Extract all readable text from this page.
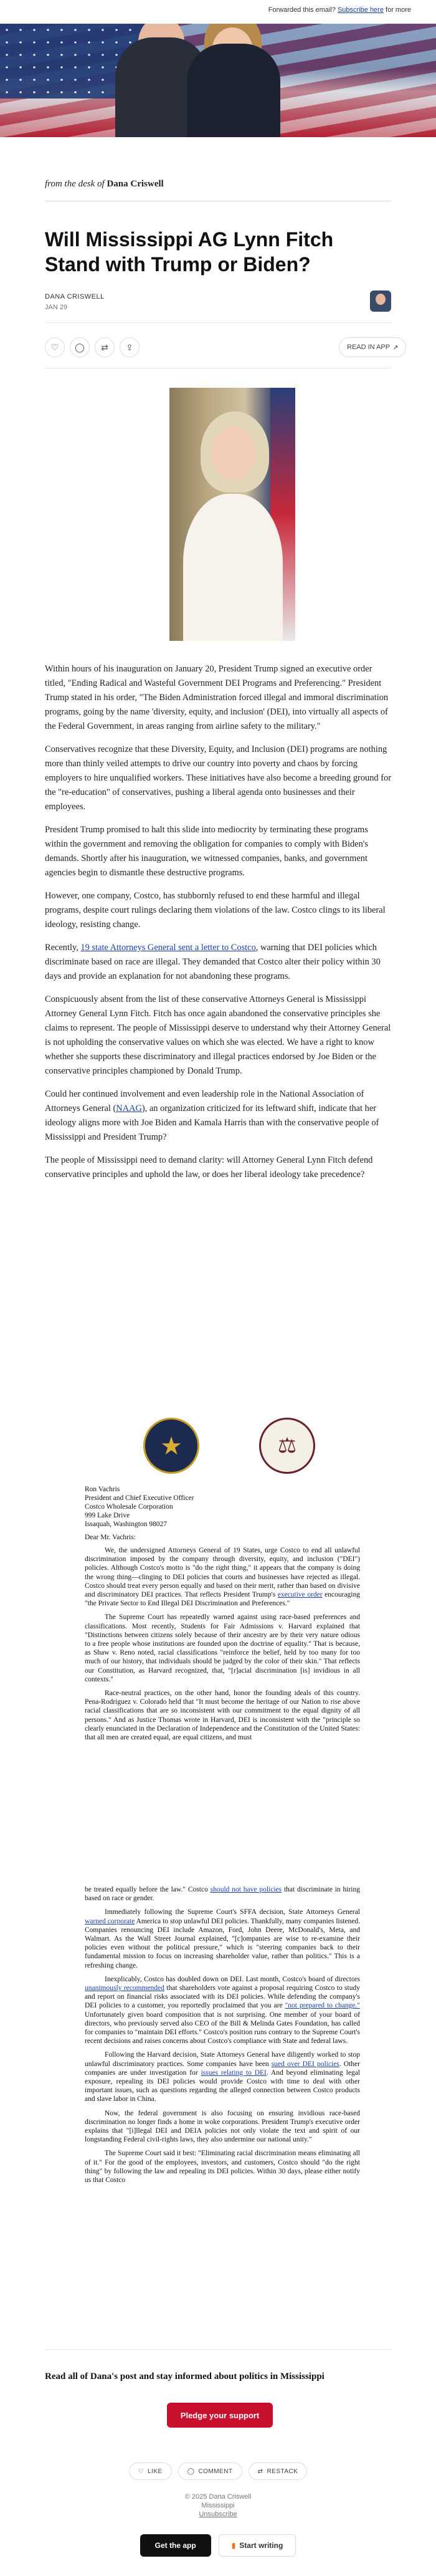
Forwarded this email? Subscribe here for more
from the desk of Dana Criswell
Will Mississippi AG Lynn Fitch Stand with Trump or Biden?
DANA CRISWELL
JAN 29
♡	◯	⇄	⇪	READ IN APP ↗

Within hours of his inauguration on January 20, President Trump signed an executive order titled, "Ending Radical and Wasteful Government DEI Programs and Preferencing." President Trump stated in his order, "The Biden Administration forced illegal and immoral discrimination programs, going by the name 'diversity, equity, and inclusion' (DEI), into virtually all aspects of the Federal Government, in areas ranging from airline safety to the military."

Conservatives recognize that these Diversity, Equity, and Inclusion (DEI) programs are nothing more than thinly veiled attempts to drive our country into poverty and chaos by forcing employers to hire unqualified workers. These initiatives have also become a breeding ground for the "re-education" of conservatives, pushing a liberal agenda onto businesses and their employees.

President Trump promised to halt this slide into mediocrity by terminating these programs within the government and removing the obligation for companies to comply with Biden's demands. Shortly after his inauguration, we witnessed companies, banks, and government agencies begin to dismantle these destructive programs.

However, one company, Costco, has stubbornly refused to end these harmful and illegal programs, despite court rulings declaring them violations of the law. Costco clings to its liberal ideology, resisting change.

Recently, 19 state Attorneys General sent a letter to Costco, warning that DEI policies which discriminate based on race are illegal. They demanded that Costco alter their policy within 30 days and provide an explanation for not abandoning these programs.

Conspicuously absent from the list of these conservative Attorneys General is Mississippi Attorney General Lynn Fitch. Fitch has once again abandoned the conservative principles she claims to represent. The people of Mississippi deserve to understand why their Attorney General is not upholding the conservative values on which she was elected. We have a right to know whether she supports these discriminatory and illegal practices endorsed by Joe Biden or the conservative principles championed by Donald Trump.

Could her continued involvement and even leadership role in the National Association of Attorneys General (NAAG), an organization criticized for its leftward shift, indicate that her ideology aligns more with Joe Biden and Kamala Harris than with the conservative people of Mississippi and President Trump?

The people of Mississippi need to demand clarity: will Attorney General Lynn Fitch defend conservative principles and uphold the law, or does her liberal ideology take precedence?

★	⚖
Ron Vachris
President and Chief Executive Officer
Costco Wholesale Corporation
999 Lake Drive
Issaquah, Washington 98027
Dear Mr. Vachris:

We, the undersigned Attorneys General of 19 States, urge Costco to end all unlawful discrimination imposed by the company through diversity, equity, and inclusion ("DEI") policies. Although Costco's motto is "do the right thing," it appears that the company is doing the wrong thing—clinging to DEI policies that courts and businesses have rejected as illegal. Costco should treat every person equally and based on their merit, rather than based on divisive and discriminatory DEI practices. That reflects President Trump's executive order encouraging "the Private Sector to End Illegal DEI Discrimination and Preferences."

The Supreme Court has repeatedly warned against using race-based preferences and classifications. Most recently, Students for Fair Admissions v. Harvard explained that "Distinctions between citizens solely because of their ancestry are by their very nature odious to a free people whose institutions are founded upon the doctrine of equality." That is because, as Shaw v. Reno noted, racial classifications "reinforce the belief, held by too many for too much of our history, that individuals should be judged by the color of their skin." That reflects our Constitution, as Harvard recognized, that, "[r]acial discrimination [is] invidious in all contexts."

Race-neutral practices, on the other hand, honor the founding ideals of this country. Pena-Rodriguez v. Colorado held that "It must become the heritage of our Nation to rise above racial classifications that are so inconsistent with our commitment to the equal dignity of all persons." And as Justice Thomas wrote in Harvard, DEI is inconsistent with the "principle so clearly enunciated in the Declaration of Independence and the Constitution of the United States: that all men are created equal, are equal citizens, and must

be treated equally before the law." Costco should not have policies that discriminate in hiring based on race or gender.

Immediately following the Supreme Court's SFFA decision, State Attorneys General warned corporate America to stop unlawful DEI policies. Thankfully, many companies listened. Companies renouncing DEI include Amazon, Ford, John Deere, McDonald's, Meta, and Walmart. As the Wall Street Journal explained, "[c]ompanies are wise to re-examine their policies even without the political pressure," which is "steering companies back to their fundamental mission to focus on increasing shareholder value, rather than politics." This is a refreshing change.

Inexplicably, Costco has doubled down on DEI. Last month, Costco's board of directors unanimously recommended that shareholders vote against a proposal requiring Costco to study and report on financial risks associated with its DEI policies. While defending the company's DEI policies to a customer, you reportedly proclaimed that you are "not prepared to change." Unfortunately given board composition that is not surprising. One member of your board of directors, who previously served also CEO of the Bill & Melinda Gates Foundation, has called for companies to "maintain DEI efforts." Costco's position runs contrary to the Supreme Court's recent decisions and raises concerns about Costco's compliance with State and federal laws.

Following the Harvard decision, State Attorneys General have diligently worked to stop unlawful discriminatory practices. Some companies have been sued over DEI policies. Other companies are under investigation for issues relating to DEI. And beyond eliminating legal exposure, repealing its DEI policies would provide Costco with time to deal with other important issues, such as questions regarding the alleged connection between Costco products and slave labor in China.

Now, the federal government is also focusing on ensuring invidious race-based discrimination no longer finds a home in woke corporations. President Trump's executive order explains that "[i]llegal DEI and DEIA policies not only violate the text and spirit of our longstanding Federal civil-rights laws, they also undermine our national unity."

The Supreme Court said it best: "Eliminating racial discrimination means eliminating all of it." For the good of the employees, investors, and customers, Costco should "do the right thing" by following the law and repealing its DEI policies. Within 30 days, please either notify us that Costco

Read all of Dana's post and stay informed about politics in Mississippi
Pledge your support
♡ LIKE	◯ COMMENT	⇄ RESTACK
© 2025 Dana Criswell
Mississippi
Unsubscribe
Get the app	▮ Start writing
